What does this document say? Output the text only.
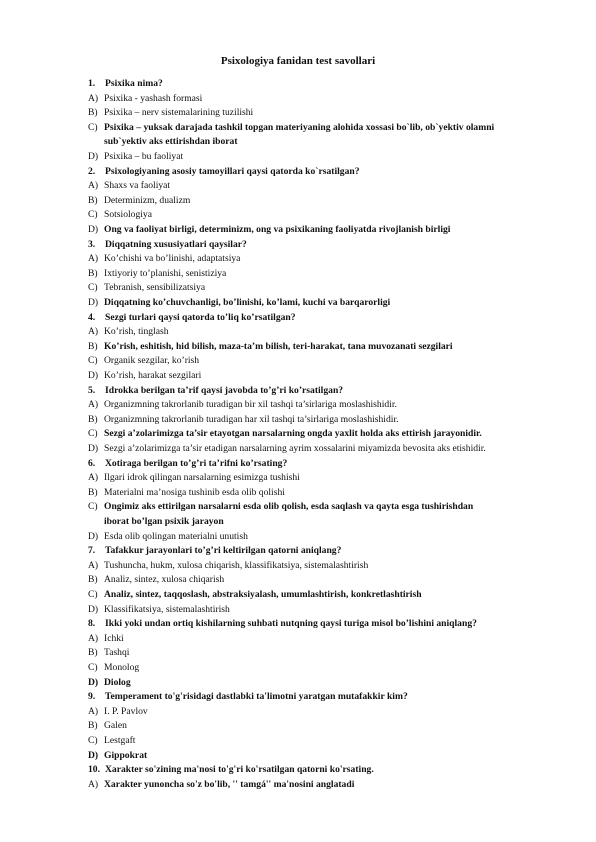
Psixologiya fanidan test savollari
1. Psixika nima?
A) Psixika - yashash formasi
B) Psixika – nerv sistemalarining tuzilishi
C) Psixika – yuksak darajada tashkil topgan materiyaning alohida xossasi bo`lib, ob`yektiv olamni
sub`yektiv aks ettirishdan iborat
D) Psixika – bu faoliyat
2. Psixologiyaning asosiy tamoyillari qaysi qatorda ko`rsatilgan?
A) Shaxs va faoliyat
B) Determinizm, dualizm
C) Sotsiologiya
D) Ong va faoliyat birligi, determinizm, ong va psixikaning faoliyatda rivojlanish birligi
3. Diqqatning xususiyatlari qaysilar?
A) Ko’chishi va bo’linishi, adaptatsiya
B) Ixtiyoriy to’planishi, senistiziya
C) Tebranish, sensibilizatsiya
D) Diqqatning ko’chuvchanligi, bo’linishi, ko’lami, kuchi va barqarorligi
4. Sezgi turlari qaysi qatorda to’liq ko’rsatilgan?
A) Ko’rish, tinglash
B) Ko’rish, eshitish, hid bilish, maza-ta’m bilish, teri-harakat, tana muvozanati sezgilari
C) Organik sezgilar, ko’rish
D) Ko’rish, harakat sezgilari
5. Idrokka berilgan ta’rif qaysi javobda to’g’ri ko’rsatilgan?
A) Organizmning takrorlanib turadigan bir xil tashqi ta’sirlariga moslashishidir.
B) Organizmning takrorlanib turadigan har xil tashqi ta’sirlariga moslashishidir.
C) Sezgi a’zolarimizga ta’sir etayotgan narsalarning ongda yaxlit holda aks ettirish jarayonidir.
D) Sezgi a’zolarimizga ta’sir etadigan narsalarning ayrim xossalarini miyamizda bevosita aks etishidir.
6. Xotiraga berilgan to’g’ri ta’rifni ko’rsating?
A) Ilgari idrok qilingan narsalarning esimizga tushishi
B) Materialni ma’nosiga tushinib esda olib qolishi
C) Ongimiz aks ettirilgan narsalarni esda olib qolish, esda saqlash va qayta esga tushirishdan
iborat bo’lgan psixik jarayon
D) Esda olib qolingan materialni unutish
7. Tafakkur jarayonlari to’g’ri keltirilgan qatorni aniqlang?
A) Tushuncha, hukm, xulosa chiqarish, klassifikatsiya, sistemalashtirish
B) Analiz, sintez, xulosa chiqarish
C) Analiz, sintez, taqqoslash, abstraksiyalash, umumlashtirish, konkretlashtirish
D) Klassifikatsiya, sistemalashtirish
8. Ikki yoki undan ortiq kishilarning suhbati nutqning qaysi turiga misol bo’lishini aniqlang?
A) Ichki
B) Tashqi
C) Monolog
D) Diolog
9. Temperament to'g'risidagi dastlabki ta'limotni yaratgan mutafakkir kim?
A) I. P. Pavlov
B) Galen
C) Lestgaft
D) Gippokrat
10. Xarakter so'zining ma'nosi to'g'ri ko'rsatilgan qatorni ko'rsating.
A) Xarakter yunoncha so'z bo'lib, '' tamgá'' ma'nosini anglatadi
